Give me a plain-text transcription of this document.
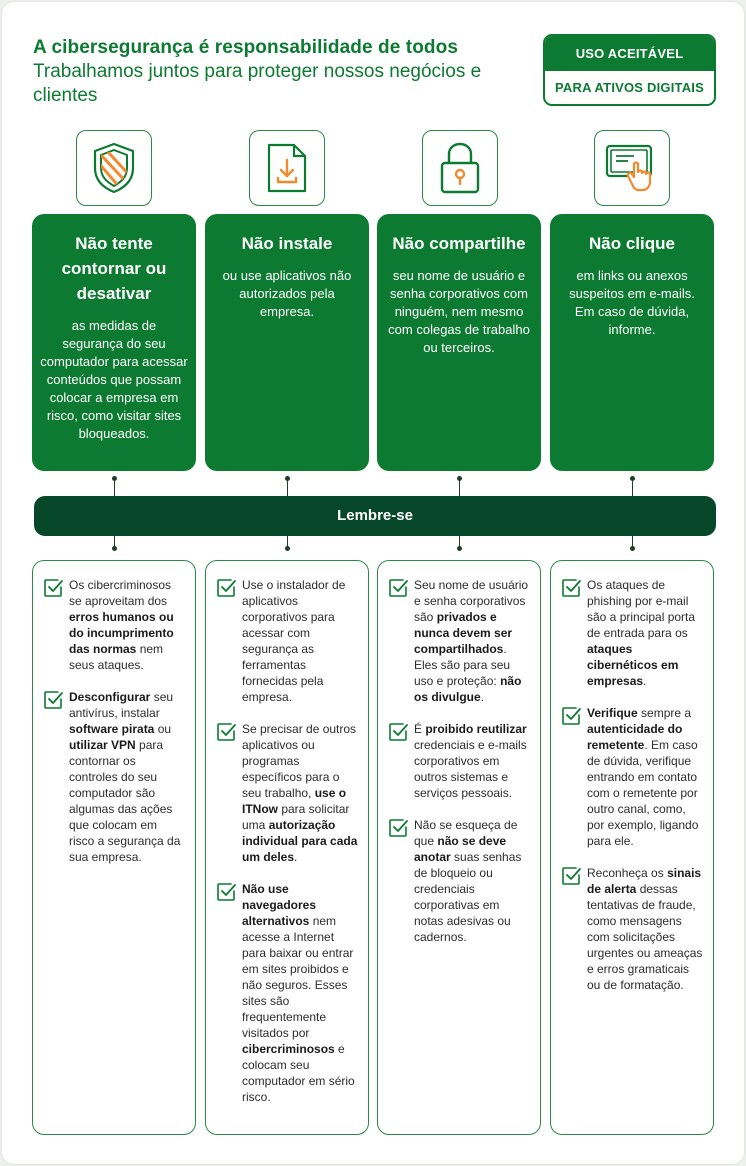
A cibersegurança é responsabilidade de todos
Trabalhamos juntos para proteger nossos negócios e clientes
USO ACEITÁVEL
PARA ATIVOS DIGITAIS
Não tente contornar ou desativar
as medidas de segurança do seu computador para acessar conteúdos que possam colocar a empresa em risco, como visitar sites bloqueados.
Não instale
ou use aplicativos não autorizados pela empresa.
Não compartilhe
seu nome de usuário e senha corporativos com ninguém, nem mesmo com colegas de trabalho ou terceiros.
Não clique
em links ou anexos suspeitos em e-mails. Em caso de dúvida, informe.
Lembre-se
Os cibercriminosos se aproveitam dos erros humanos ou do incumprimento das normas nem seus ataques.
Desconfigurar seu antivírus, instalar software pirata ou utilizar VPN para contornar os controles do seu computador são algumas das ações que colocam em risco a segurança da sua empresa.
Use o instalador de aplicativos corporativos para acessar com segurança as ferramentas fornecidas pela empresa.
Se precisar de outros aplicativos ou programas específicos para o seu trabalho, use o ITNow para solicitar uma autorização individual para cada um deles.
Não use navegadores alternativos nem acesse a Internet para baixar ou entrar em sites proibidos e não seguros. Esses sites são frequentemente visitados por cibercriminosos e colocam seu computador em sério risco.
Seu nome de usuário e senha corporativos são privados e nunca devem ser compartilhados. Eles são para seu uso e proteção: não os divulgue.
É proibido reutilizar credenciais e e-mails corporativos em outros sistemas e serviços pessoais.
Não se esqueça de que não se deve anotar suas senhas de bloqueio ou credenciais corporativas em notas adesivas ou cadernos.
Os ataques de phishing por e-mail são a principal porta de entrada para os ataques cibernéticos em empresas.
Verifique sempre a autenticidade do remetente. Em caso de dúvida, verifique entrando em contato com o remetente por outro canal, como, por exemplo, ligando para ele.
Reconheça os sinais de alerta dessas tentativas de fraude, como mensagens com solicitações urgentes ou ameaças e erros gramaticais ou de formatação.
